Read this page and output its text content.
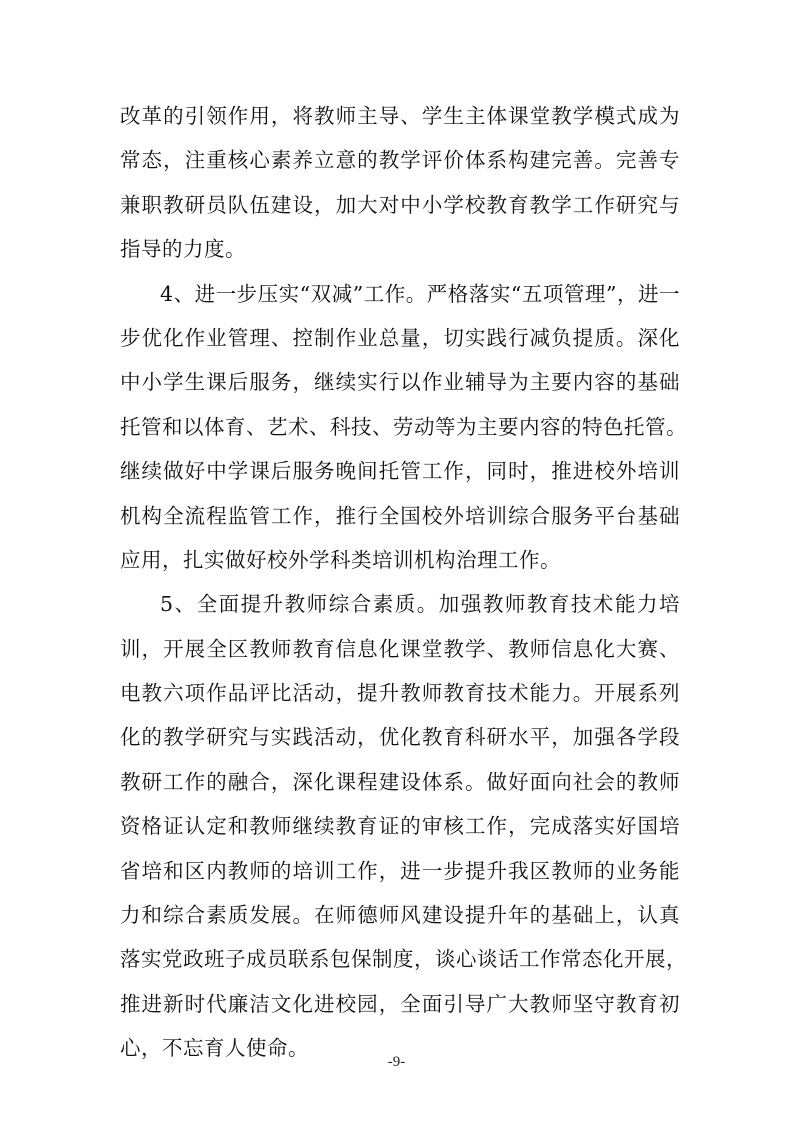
改革的引领作用，将教师主导、学生主体课堂教学模式成为
常态，注重核心素养立意的教学评价体系构建完善。完善专
兼职教研员队伍建设，加大对中小学校教育教学工作研究与
指导的力度。
4、进一步压实“双减”工作。严格落实“五项管理”，进一
步优化作业管理、控制作业总量，切实践行减负提质。深化
中小学生课后服务，继续实行以作业辅导为主要内容的基础
托管和以体育、艺术、科技、劳动等为主要内容的特色托管。
继续做好中学课后服务晚间托管工作，同时，推进校外培训
机构全流程监管工作，推行全国校外培训综合服务平台基础
应用，扎实做好校外学科类培训机构治理工作。
5、全面提升教师综合素质。加强教师教育技术能力培
训，开展全区教师教育信息化课堂教学、教师信息化大赛、
电教六项作品评比活动，提升教师教育技术能力。开展系列
化的教学研究与实践活动，优化教育科研水平，加强各学段
教研工作的融合，深化课程建设体系。做好面向社会的教师
资格证认定和教师继续教育证的审核工作，完成落实好国培
省培和区内教师的培训工作，进一步提升我区教师的业务能
力和综合素质发展。在师德师风建设提升年的基础上，认真
落实党政班子成员联系包保制度，谈心谈话工作常态化开展，
推进新时代廉洁文化进校园，全面引导广大教师坚守教育初
心，不忘育人使命。
-9-
